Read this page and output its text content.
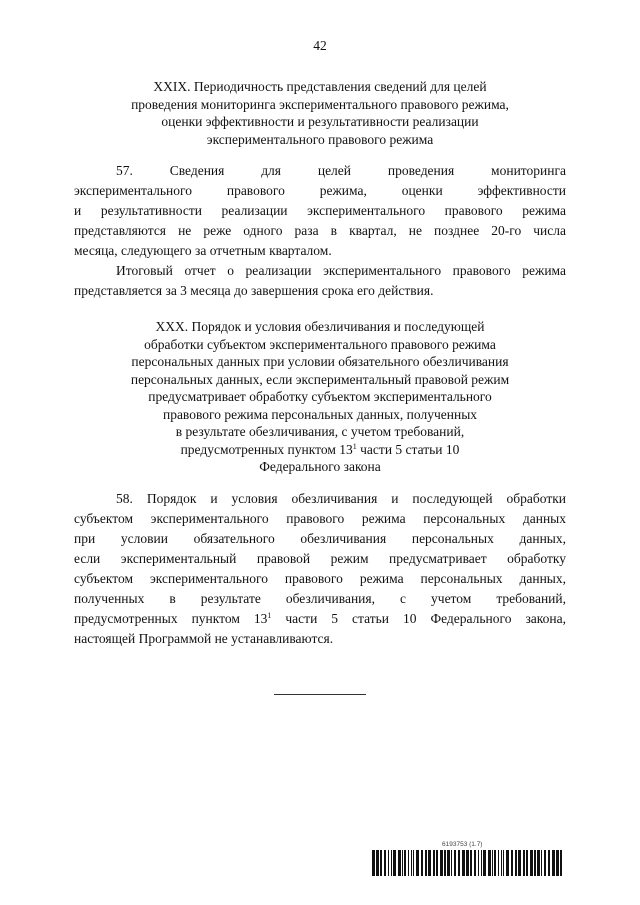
42
XXIX. Периодичность представления сведений для целей
проведения мониторинга экспериментального правового режима,
оценки эффективности и результативности реализации
экспериментального правового режима
57. Сведения для целей проведения мониторинга
экспериментального правового режима, оценки эффективности
и результативности реализации экспериментального правового режима
представляются не реже одного раза в квартал, не позднее 20-го числа
месяца, следующего за отчетным кварталом.
Итоговый отчет о реализации экспериментального правового режима
представляется за 3 месяца до завершения срока его действия.
XXX. Порядок и условия обезличивания и последующей
обработки субъектом экспериментального правового режима
персональных данных при условии обязательного обезличивания
персональных данных, если экспериментальный правовой режим
предусматривает обработку субъектом экспериментального
правового режима персональных данных, полученных
в результате обезличивания, с учетом требований,
предусмотренных пунктом $13^1$ части 5 статьи 10
Федерального закона
58. Порядок и условия обезличивания и последующей обработки
субъектом экспериментального правового режима персональных данных
при условии обязательного обезличивания персональных данных,
если экспериментальный правовой режим предусматривает обработку
субъектом экспериментального правового режима персональных данных,
полученных в результате обезличивания, с учетом требований,
предусмотренных пунктом $13^1$ части 5 статьи 10 Федерального закона,
настоящей Программой не устанавливаются.
6193753 (1.7)
